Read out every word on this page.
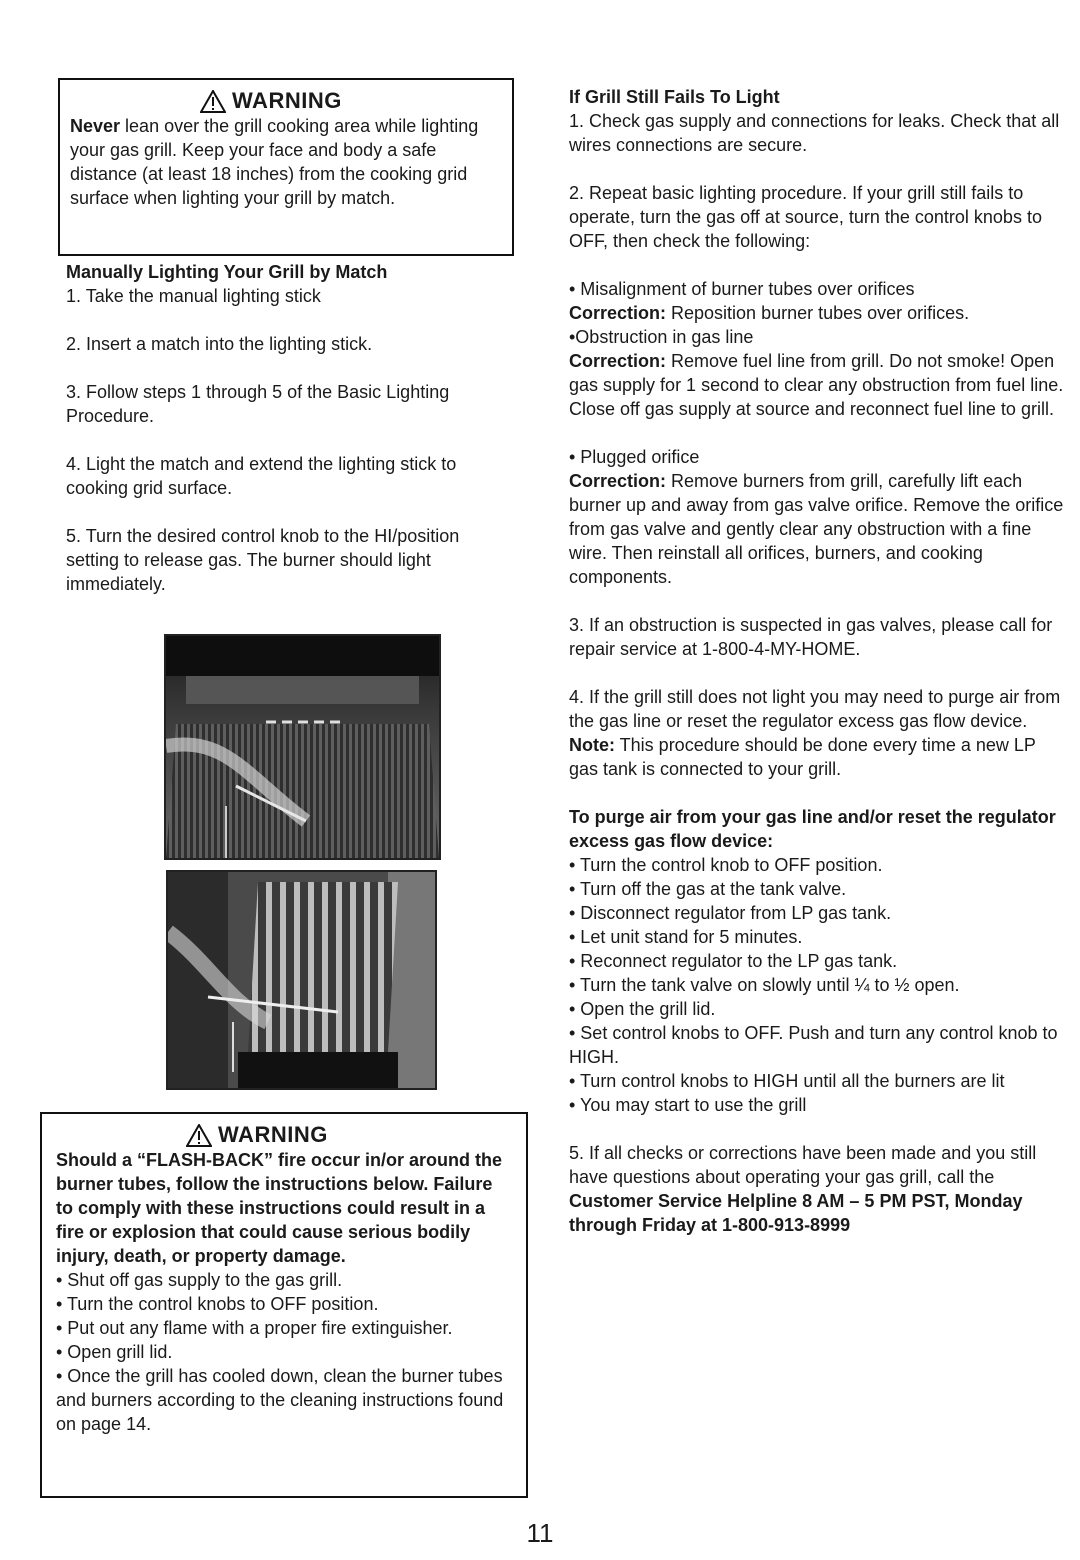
WARNING

Never lean over the grill cooking area while lighting your gas grill. Keep your face and body a safe distance (at least 18 inches) from the cooking grid surface when lighting your grill by match.

Manually Lighting Your Grill by Match

1. Take the manual lighting stick

2. Insert a match into the lighting stick.

3. Follow steps 1 through 5 of the Basic Lighting Procedure.

4. Light the match and extend the lighting stick to cooking grid surface.

5. Turn the desired control knob to the HI/position setting to release gas. The burner should light immediately.

WARNING

Should a “FLASH-BACK” fire occur in/or around the burner tubes, follow the instructions below. Failure to comply with these instructions could result in a fire or explosion that could cause serious bodily injury, death, or property damage.

• Shut off gas supply to the gas grill.

• Turn the control knobs to OFF position.

• Put out any flame with a proper fire extinguisher.

• Open grill lid.

• Once the grill has cooled down, clean the burner tubes and burners according to the cleaning instructions found on page 14.

If Grill Still Fails To Light

1. Check gas supply and connections for leaks. Check that all wires connections are secure.

2. Repeat basic lighting procedure. If your grill still fails to operate, turn the gas off at source, turn the control knobs to OFF, then check the following:

• Misalignment of burner tubes over orifices

Correction: Reposition burner tubes over orifices.

•Obstruction in gas line

Correction: Remove fuel line from grill. Do not smoke! Open gas supply for 1 second to clear any obstruction from fuel line. Close off gas supply at source and reconnect fuel line to grill.

• Plugged orifice

Correction: Remove burners from grill, carefully lift each burner up and away from gas valve orifice. Remove the orifice from gas valve and gently clear any obstruction with a fine wire. Then reinstall all orifices, burners, and cooking components.

3. If an obstruction is suspected in gas valves, please call for repair service at 1-800-4-MY-HOME.

4. If the grill still does not light you may need to purge air from the gas line or reset the regulator excess gas flow device. Note: This procedure should be done every time a new LP gas tank is connected to your grill.

To purge air from your gas line and/or reset the regulator excess gas flow device:

• Turn the control knob to OFF position.

• Turn off the gas at the tank valve.

• Disconnect regulator from LP gas tank.

• Let unit stand for 5 minutes.

• Reconnect regulator to the LP gas tank.

• Turn the tank valve on slowly until ¼ to ½ open.

• Open the grill lid.

• Set control knobs to OFF. Push and turn any control knob to HIGH.

• Turn control knobs to HIGH until all the burners are lit

• You may start to use the grill

5. If all checks or corrections have been made and you still have questions about operating your gas grill, call the Customer Service Helpline 8 AM – 5 PM PST, Monday through Friday at 1-800-913-8999

11
